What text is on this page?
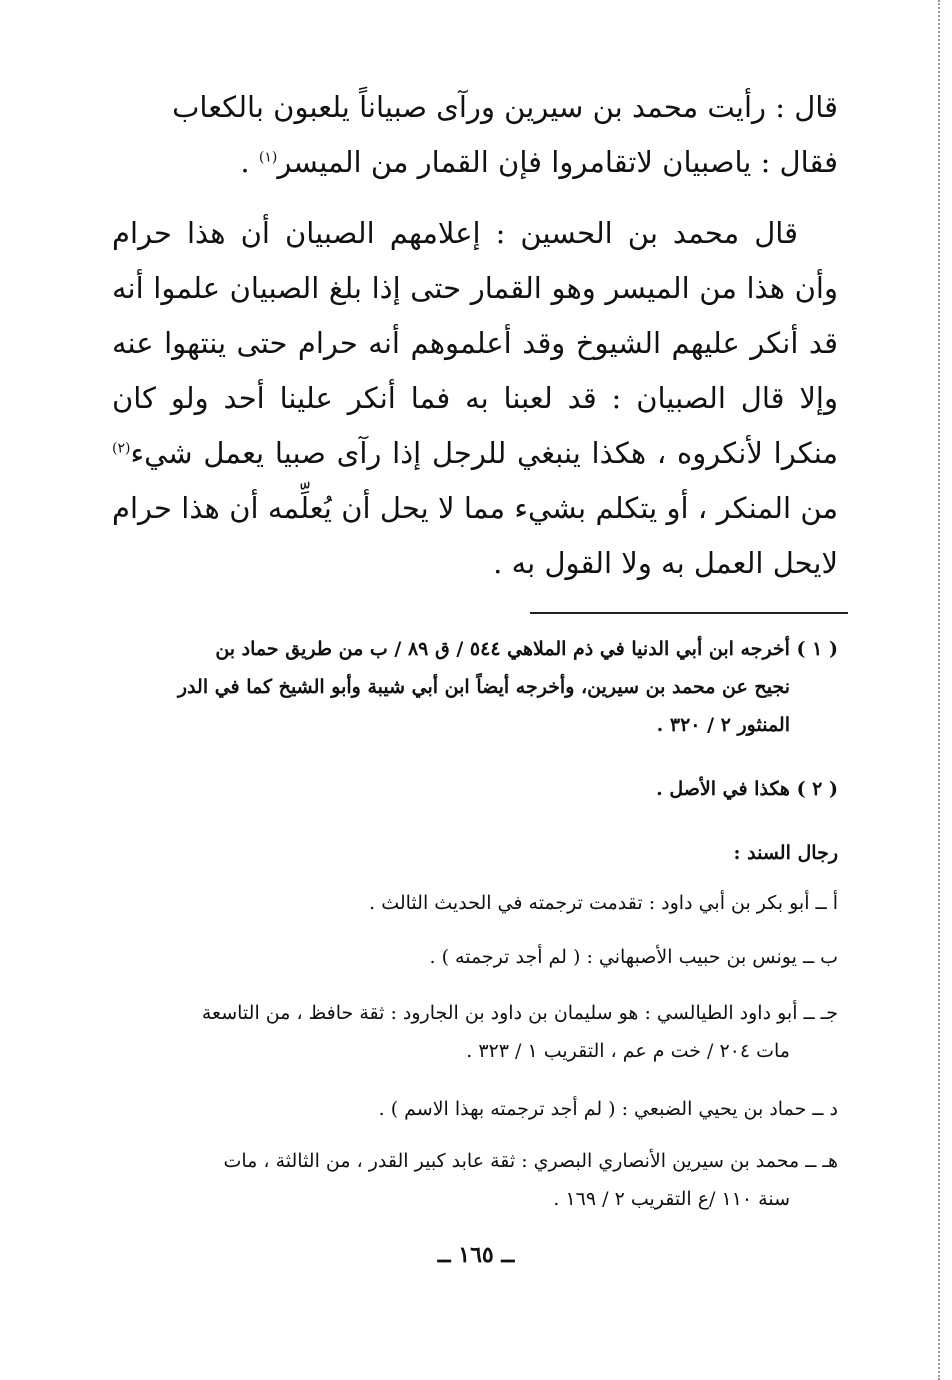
قال : رأيت محمد بن سيرين ورآى صبياناً يلعبون بالكعاب
فقال : ياصبيان لاتقامروا فإن القمار من الميسر$^{(١)}$ .

قال محمد بن الحسين : إعلامهم الصبيان أن هذا حرام وأن هذا من الميسر وهو القمار حتى إذا بلغ الصبيان علموا أنه قد أنكر عليهم الشيوخ وقد أعلموهم أنه حرام حتى ينتهوا عنه وإلا قال الصبيان : قد لعبنا به فما أنكر علينا أحد ولو كان منكرا لأنكروه ، هكذا ينبغي للرجل إذا رآى صبيا يعمل شيء$^{(٢)}$ من المنكر ، أو يتكلم بشيء مما لا يحل أن يُعلِّمه أن هذا حرام لايحل العمل به ولا القول به .

( ١ ) أخرجه ابن أبي الدنيا في ذم الملاهي ٥٤٤ / ق ٨٩ / ب من طريق حماد بن
نجيح عن محمد بن سيرين، وأخرجه أيضاً ابن أبي شيبة وأبو الشيخ كما في الدر
المنثور ٢ / ٣٢٠ .

( ٢ ) هكذا في الأصل .

رجال السند :

أ ــ أبو بكر بن أبي داود : تقدمت ترجمته في الحديث الثالث .

ب ــ يونس بن حبيب الأصبهاني : ( لم أجد ترجمته ) .

جـ ــ أبو داود الطيالسي : هو سليمان بن داود بن الجارود : ثقة حافظ ، من التاسعة
مات ٢٠٤ / خت م عم ، التقريب ١ / ٣٢٣ .

د ــ حماد بن يحيي الضبعي : ( لم أجد ترجمته بهذا الاسم ) .

هـ ــ محمد بن سيرين الأنصاري البصري : ثقة عابد كبير القدر ، من الثالثة ، مات
سنة ١١٠ /ع التقريب ٢ / ١٦٩ .

ــ ١٦٥ ــ
